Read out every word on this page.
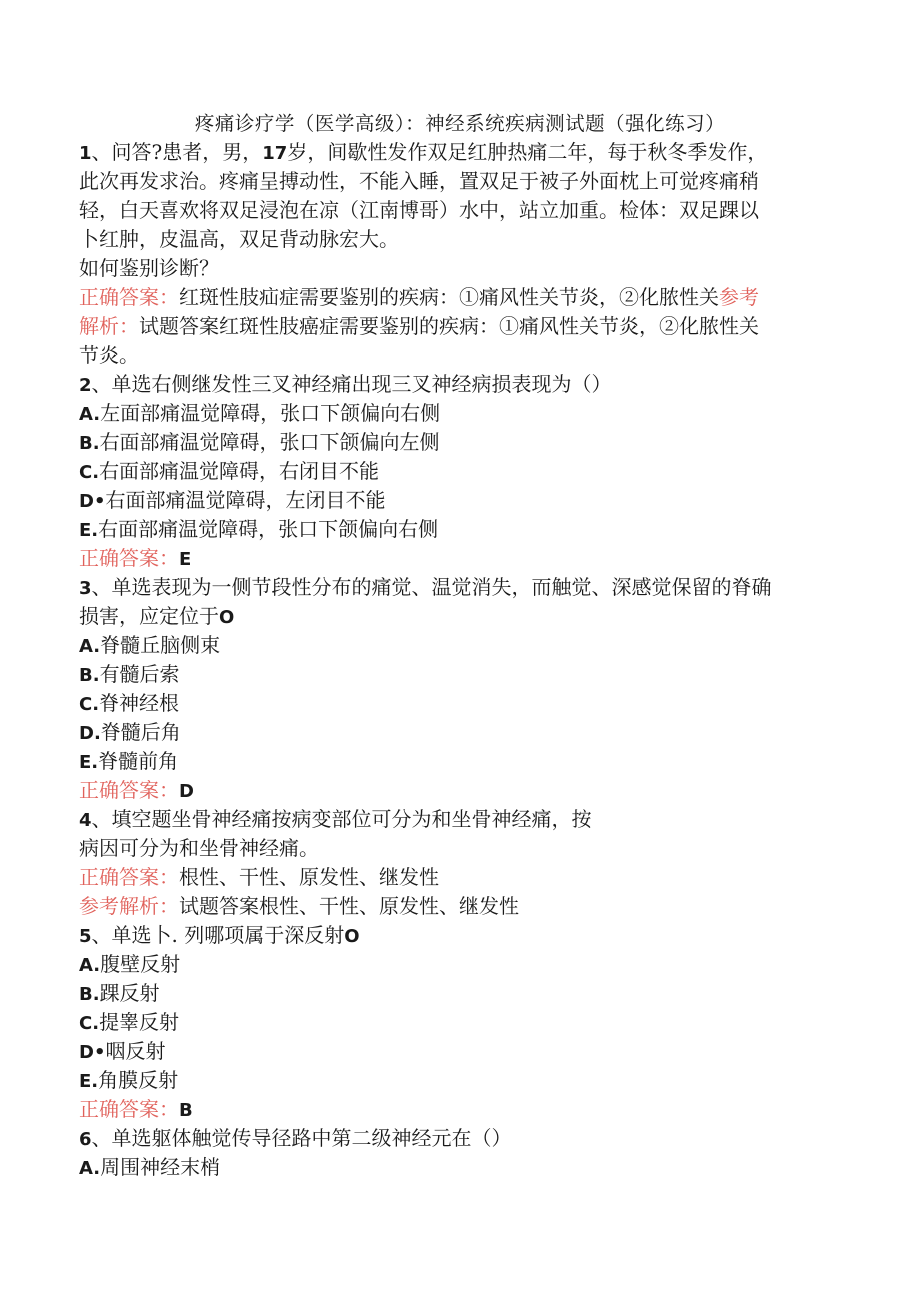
疼痛诊疗学（医学高级）：神经系统疾病测试题（强化练习）
1、问答?患者，男，17岁，间歇性发作双足红肿热痛二年，每于秋冬季发作，
此次再发求治。疼痛呈搏动性，不能入睡，置双足于被子外面枕上可觉疼痛稍
轻，白天喜欢将双足浸泡在凉（江南博哥）水中，站立加重。检体：双足踝以
卜红肿，皮温高，双足背动脉宏大。
如何鉴别诊断？
正确答案：红斑性肢疝症需要鉴别的疾病：①痛风性关节炎，②化脓性关参考
解析：试题答案红斑性肢癌症需要鉴别的疾病：①痛风性关节炎，②化脓性关
节炎。
2、单选右侧继发性三叉神经痛出现三叉神经病损表现为（）
A.左面部痛温觉障碍，张口下颌偏向右侧
B.右面部痛温觉障碍，张口下颌偏向左侧
C.右面部痛温觉障碍，右闭目不能
D•右面部痛温觉障碍，左闭目不能
E.右面部痛温觉障碍，张口下颌偏向右侧
正确答案：E
3、单选表现为一侧节段性分布的痛觉、温觉消失，而触觉、深感觉保留的脊确
损害，应定位于O
A.脊髓丘脑侧束
B.有髓后索
C.脊神经根
D.脊髓后角
E.脊髓前角
正确答案：D
4、填空题坐骨神经痛按病变部位可分为和坐骨神经痛，按
病因可分为和坐骨神经痛。
正确答案：根性、干性、原发性、继发性
参考解析：试题答案根性、干性、原发性、继发性
5、单选卜. 列哪项属于深反射O
A.腹壁反射
B.踝反射
C.提睾反射
D•咽反射
E.角膜反射
正确答案：B
6、单选躯体触觉传导径路中第二级神经元在（）
A.周围神经末梢
